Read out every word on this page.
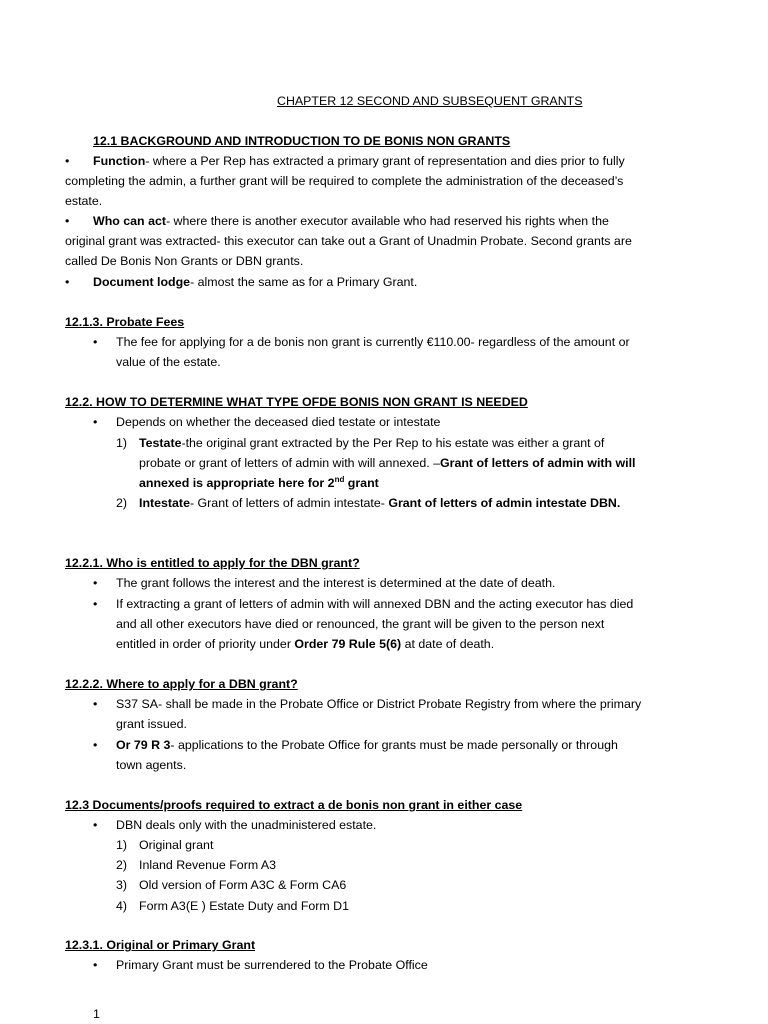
CHAPTER 12 SECOND AND SUBSEQUENT GRANTS
12.1 BACKGROUND AND INTRODUCTION TO DE BONIS NON GRANTS
•
Function- where a Per Rep has extracted a primary grant of representation and dies prior to fully
completing the admin, a further grant will be required to complete the administration of the deceased’s
estate.
•
Who can act- where there is another executor available who had reserved his rights when the
original grant was extracted- this executor can take out a Grant of Unadmin Probate. Second grants are
called De Bonis Non Grants or DBN grants.
•
Document lodge- almost the same as for a Primary Grant.
12.1.3. Probate Fees
•
The fee for applying for a de bonis non grant is currently €110.00- regardless of the amount or
value of the estate.
12.2. HOW TO DETERMINE WHAT TYPE OFDE BONIS NON GRANT IS NEEDED
•
Depends on whether the deceased died testate or intestate
1) Testate-the original grant extracted by the Per Rep to his estate was either a grant of
probate or grant of letters of admin with will annexed. –Grant of letters of admin with will
annexed is appropriate here for 2nd grant
2) Intestate- Grant of letters of admin intestate- Grant of letters of admin intestate DBN.
12.2.1. Who is entitled to apply for the DBN grant?
•
The grant follows the interest and the interest is determined at the date of death.
•
If extracting a grant of letters of admin with will annexed DBN and the acting executor has died
and all other executors have died or renounced, the grant will be given to the person next
entitled in order of priority under Order 79 Rule 5(6) at date of death.
12.2.2. Where to apply for a DBN grant?
•
S37 SA- shall be made in the Probate Office or District Probate Registry from where the primary
grant issued.
•
Or 79 R 3- applications to the Probate Office for grants must be made personally or through
town agents.
12.3 Documents/proofs required to extract a de bonis non grant in either case
•
DBN deals only with the unadministered estate.
1) Original grant
2) Inland Revenue Form A3
3) Old version of Form A3C & Form CA6
4) Form A3(E ) Estate Duty and Form D1
12.3.1. Original or Primary Grant
•
Primary Grant must be surrendered to the Probate Office
1
